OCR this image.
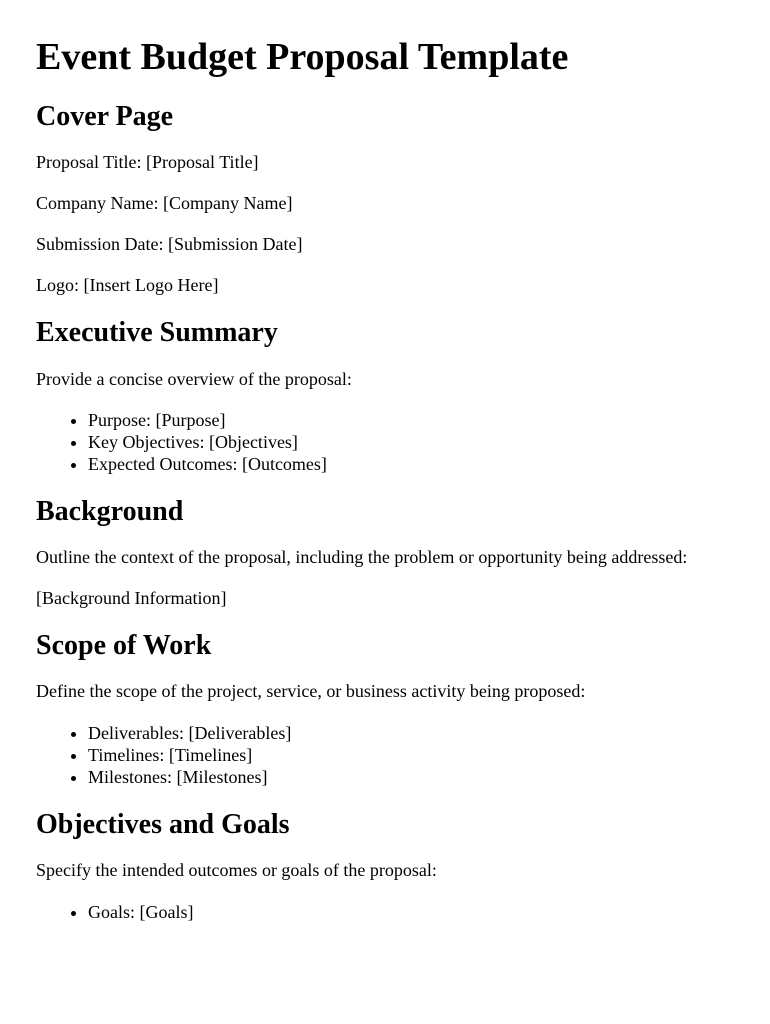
Event Budget Proposal Template
Cover Page

Proposal Title: [Proposal Title]

Company Name: [Company Name]

Submission Date: [Submission Date]

Logo: [Insert Logo Here]

Executive Summary

Provide a concise overview of the proposal:

• Purpose: [Purpose]
• Key Objectives: [Objectives]
• Expected Outcomes: [Outcomes]
Background

Outline the context of the proposal, including the problem or opportunity being addressed:

[Background Information]

Scope of Work

Define the scope of the project, service, or business activity being proposed:

• Deliverables: [Deliverables]
• Timelines: [Timelines]
• Milestones: [Milestones]
Objectives and Goals

Specify the intended outcomes or goals of the proposal:

• Goals: [Goals]
